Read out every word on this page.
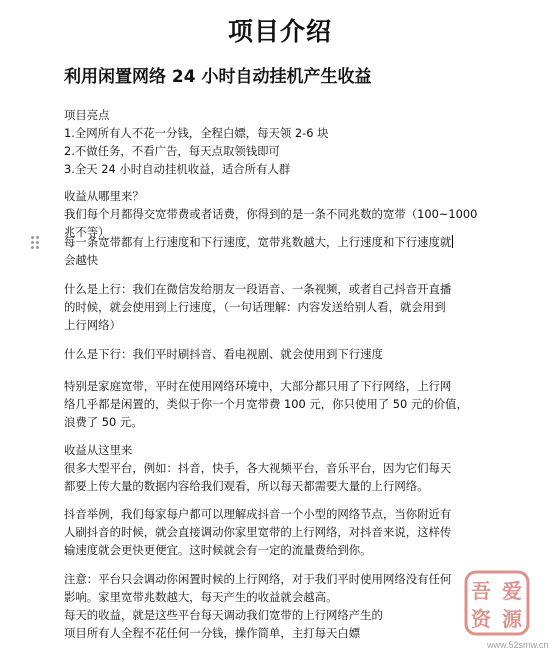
项目介绍
利用闲置网络 24 小时自动挂机产生收益
项目亮点
1.全网所有人不花一分钱，全程白嫖，每天领 2-6 块
2.不做任务，不看广告，每天点取领钱即可
3.全天 24 小时自动挂机收益，适合所有人群
收益从哪里来？
我们每个月都得交宽带费或者话费，你得到的是一条不同兆数的宽带（100~1000
兆不等）
每一条宽带都有上行速度和下行速度，宽带兆数越大，上行速度和下行速度就
会越快
什么是上行：我们在微信发给朋友一段语音、一条视频，或者自己抖音开直播
的时候，就会使用到上行速度，（一句话理解：内容发送给别人看，就会用到
上行网络）
什么是下行：我们平时刷抖音、看电视剧、就会使用到下行速度
特别是家庭宽带，平时在使用网络环境中，大部分都只用了下行网络，上行网
络几乎都是闲置的，类似于你一个月宽带费 100 元，你只使用了 50 元的价值，
浪费了 50 元。
收益从这里来
很多大型平台，例如：抖音，快手，各大视频平台，音乐平台，因为它们每天
都要上传大量的数据内容给我们观看，所以每天都需要大量的上行网络。
抖音举例，我们每家每户都可以理解成抖音一个小型的网络节点，当你附近有
人刷抖音的时候，就会直接调动你家里宽带的上行网络，对抖音来说，这样传
输速度就会更快更便宜。这时候就会有一定的流量费给到你。
注意：平台只会调动你闲置时候的上行网络，对于我们平时使用网络没有任何
影响。家里宽带兆数越大，每天产生的收益就会越高。
每天的收益，就是这些平台每天调动我们宽带的上行网络产生的
项目所有人全程不花任何一分钱，操作简单，主打每天白嫖
吾 爱
资 源
www.52smw.cn
